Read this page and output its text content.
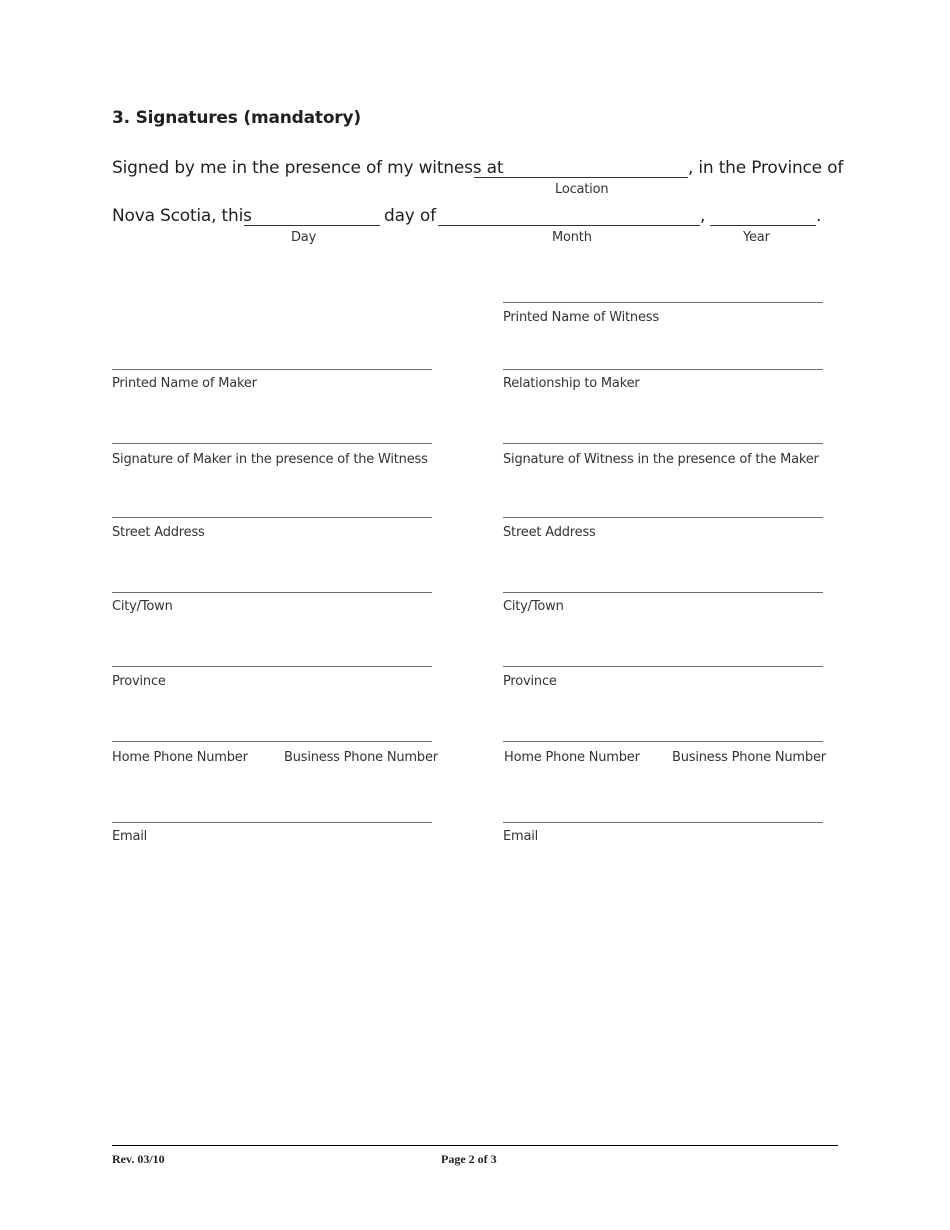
3. Signatures (mandatory)
Signed by me in the presence of my witness at	, in the Province of
Location
Nova Scotia, this	day of	,	.
Day	Month	Year
Printed Name of Maker
Signature of Maker in the presence of the Witness
Street Address
City/Town
Province
Home Phone Number	Business Phone Number
Email
Printed Name of Witness
Relationship to Maker
Signature of Witness in the presence of the Maker
Street Address
City/Town
Province
Home Phone Number Business Phone Number
Email
Rev. 03/10	Page 2 of 3
